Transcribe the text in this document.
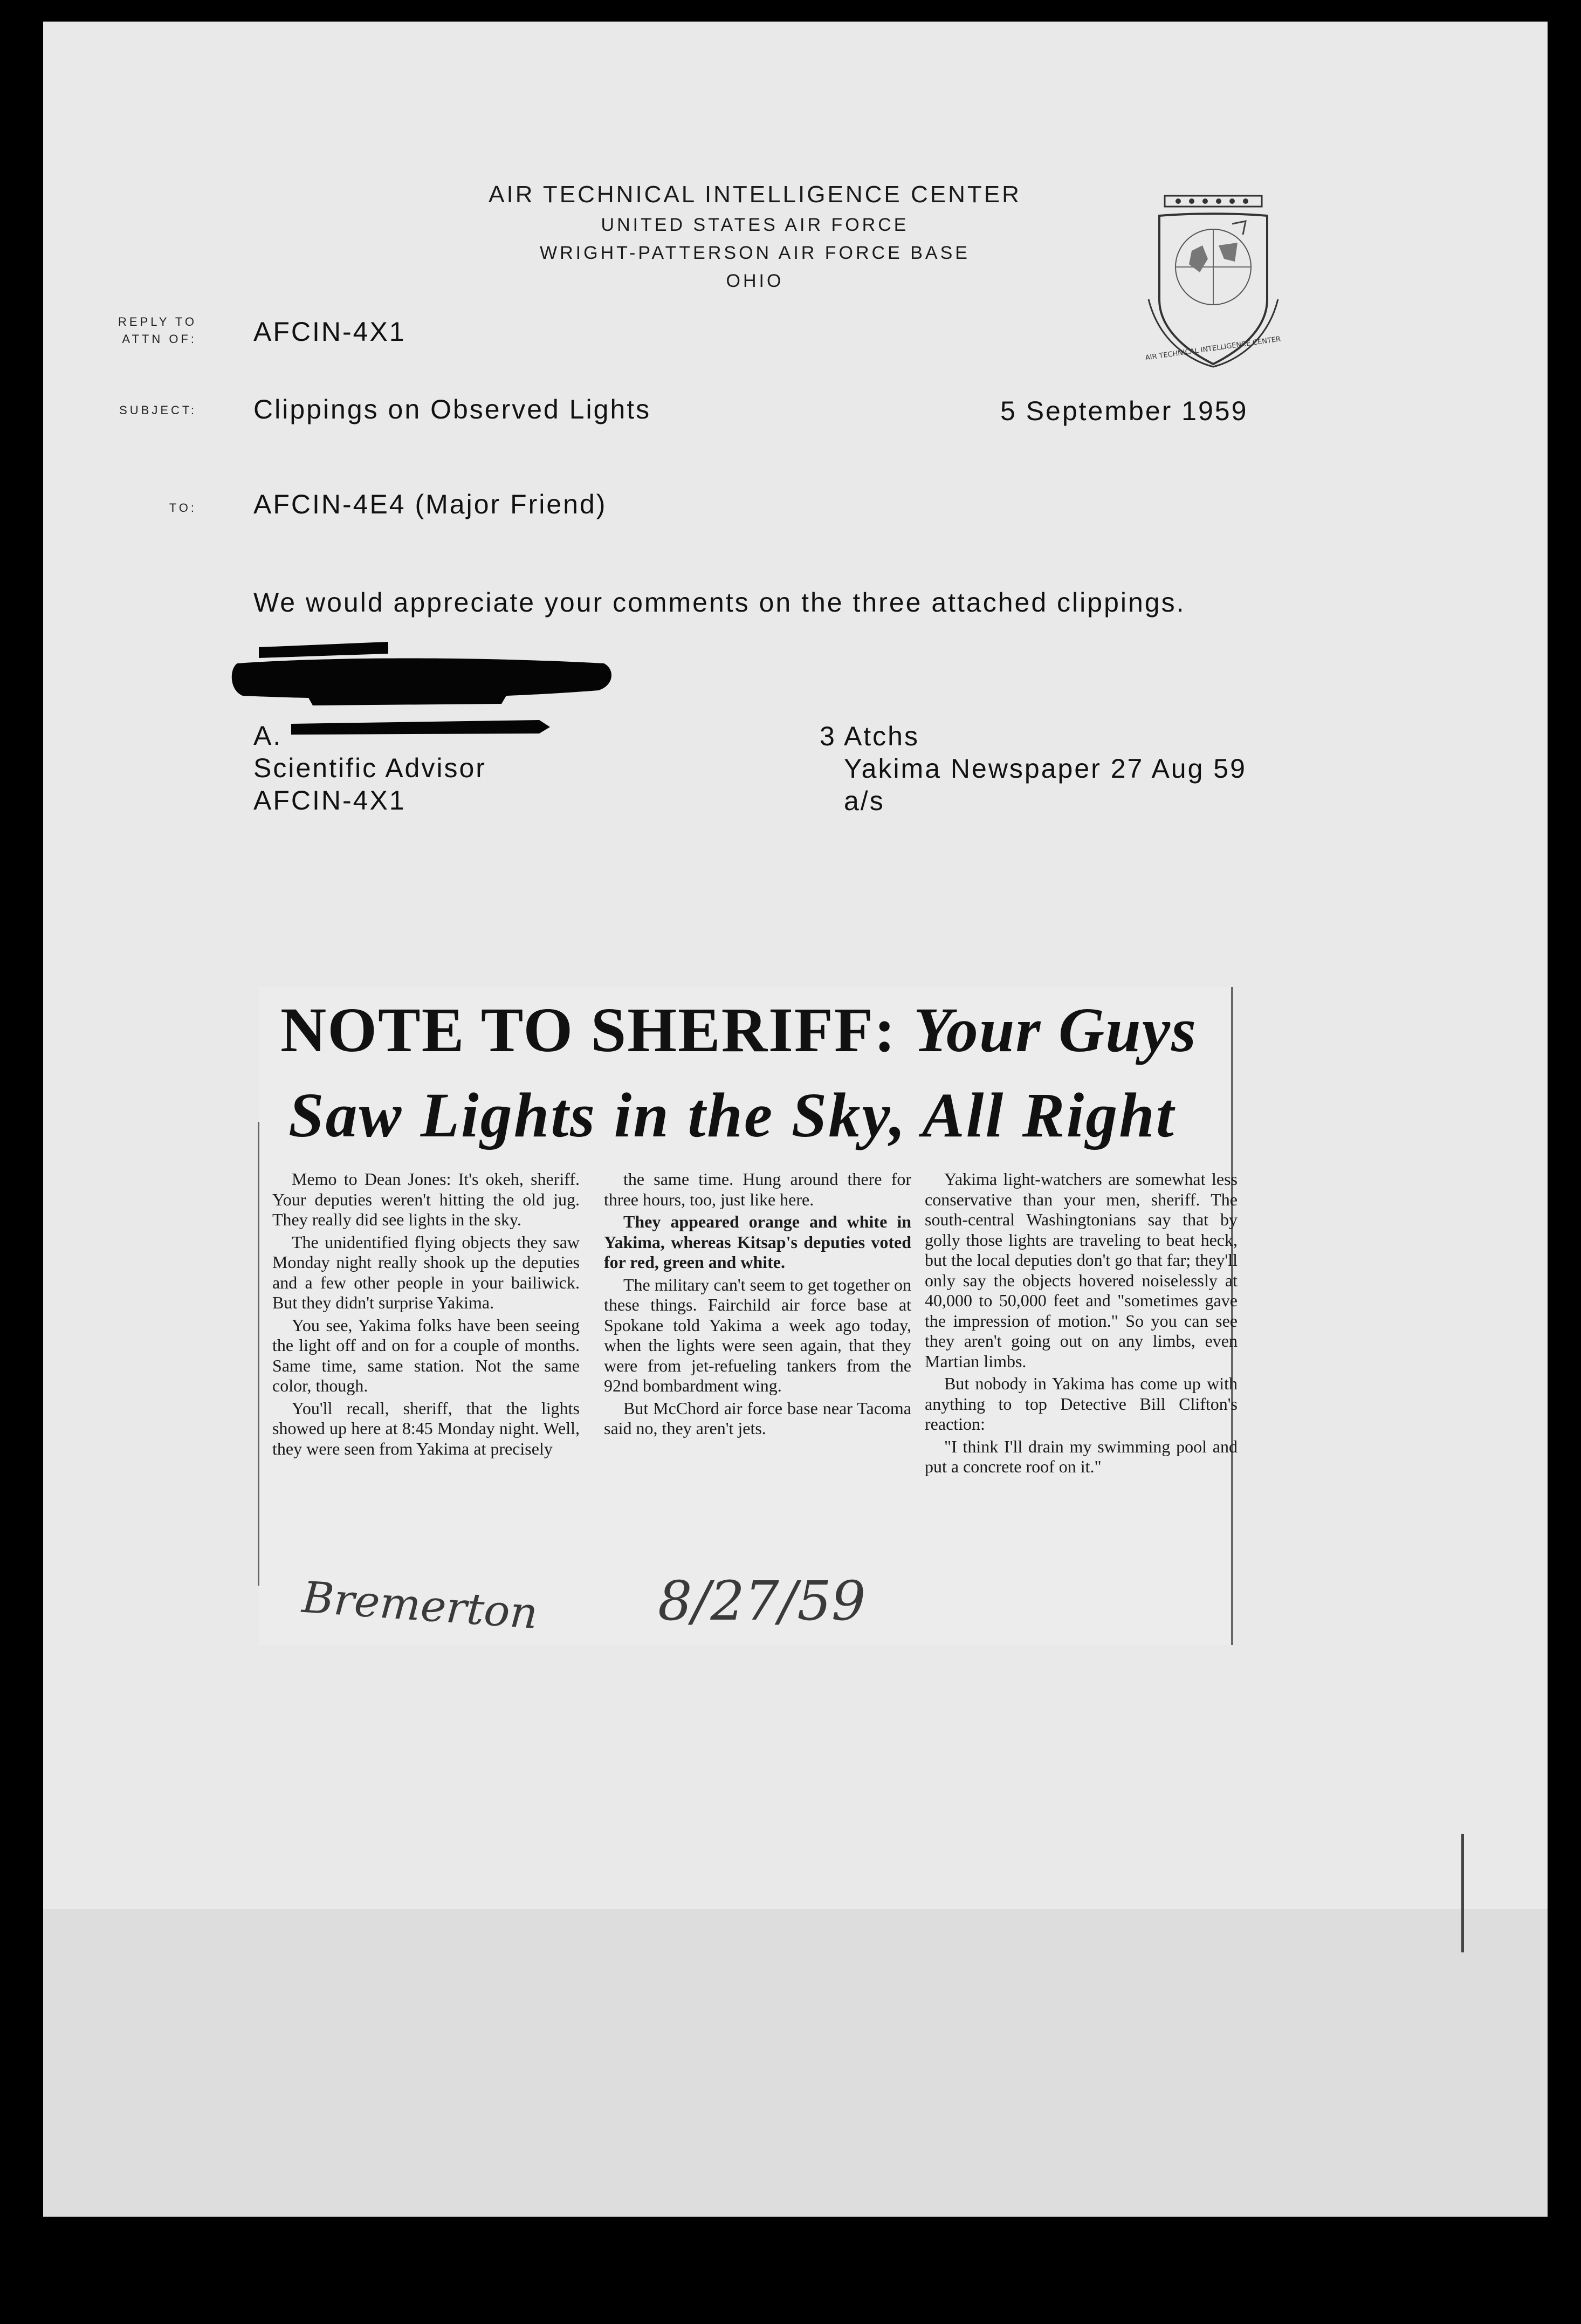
AIR TECHNICAL INTELLIGENCE CENTER
UNITED STATES AIR FORCE
WRIGHT-PATTERSON AIR FORCE BASE
OHIO
AIR TECHNICAL INTELLIGENCE CENTER
REPLY TO
ATTN OF: AFCIN-4X1
SUBJECT: Clippings on Observed Lights	5 September 1959
TO: AFCIN-4E4 (Major Friend)
We would appreciate your comments on the three attached clippings.
A.
Scientific Advisor
AFCIN-4X1
3 Atchs
Yakima Newspaper 27 Aug 59
a/s
NOTE TO SHERIFF: Your Guys
Saw Lights in the Sky, All Right

Memo to Dean Jones: It's okeh, sheriff. Your deputies weren't hitting the old jug. They really did see lights in the sky.

The unidentified flying objects they saw Monday night really shook up the deputies and a few other people in your bailiwick. But they didn't surprise Yakima.

You see, Yakima folks have been seeing the light off and on for a couple of months. Same time, same station. Not the same color, though.

You'll recall, sheriff, that the lights showed up here at 8:45 Monday night. Well, they were seen from Yakima at precisely

the same time. Hung around there for three hours, too, just like here.

They appeared orange and white in Yakima, whereas Kitsap's deputies voted for red, green and white.

The military can't seem to get together on these things. Fairchild air force base at Spokane told Yakima a week ago today, when the lights were seen again, that they were from jet-refueling tankers from the 92nd bombardment wing.

But McChord air force base near Tacoma said no, they aren't jets.

Yakima light-watchers are somewhat less conservative than your men, sheriff. The south-central Washingtonians say that by golly those lights are traveling to beat heck, but the local deputies don't go that far; they'll only say the objects hovered noiselessly at 40,000 to 50,000 feet and "sometimes gave the impression of motion." So you can see they aren't going out on any limbs, even Martian limbs.

But nobody in Yakima has come up with anything to top Detective Bill Clifton's reaction:

"I think I'll drain my swimming pool and put a concrete roof on it."

Bremerton 8/27/59
